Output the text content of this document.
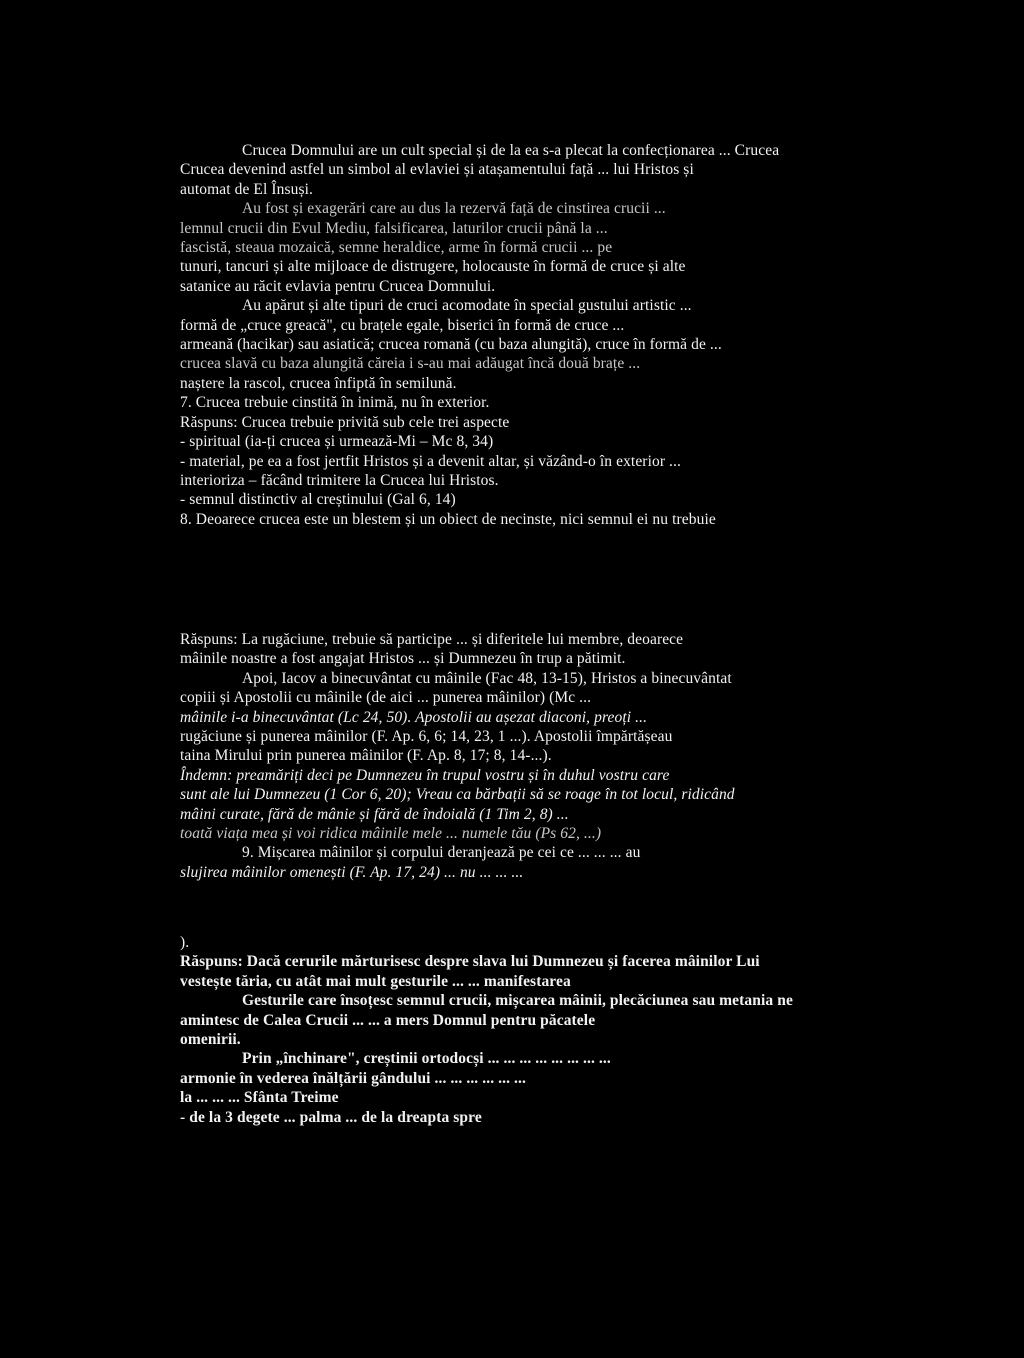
Crucea Domnului are un cult special și de la ea s-a plecat la confecționarea ... Crucea
Crucea devenind astfel un simbol al evlaviei și atașamentului față ... lui Hristos și
automat de El Însuși.
Au fost și exagerări care au dus la rezervă față de cinstirea crucii ...
lemnul crucii din Evul Mediu, falsificarea, laturilor crucii până la ...
fascistă, steaua mozaică, semne heraldice, arme în formă crucii ... pe
tunuri, tancuri și alte mijloace de distrugere, holocauste în formă de cruce și alte
satanice au răcit evlavia pentru Crucea Domnului.
Au apărut și alte tipuri de cruci acomodate în special gustului artistic ...
formă de „cruce greacă", cu brațele egale, biserici în formă de cruce ...
armeană (hacikar) sau asiatică; crucea romană (cu baza alungită), cruce în formă de ...
crucea slavă cu baza alungită căreia i s-au mai adăugat încă două brațe ...
naștere la rascol, crucea înfiptă în semilună.
7. Crucea trebuie cinstită în inimă, nu în exterior.
Răspuns: Crucea trebuie privită sub cele trei aspecte
- spiritual (ia-ți crucea și urmează-Mi – Mc 8, 34)
- material, pe ea a fost jertfit Hristos și a devenit altar, și văzând-o în exterior ...
interioriza – făcând trimitere la Crucea lui Hristos.
- semnul distinctiv al creștinului (Gal 6, 14)
8. Deoarece crucea este un blestem și un obiect de necinste, nici semnul ei nu trebuie
Răspuns: La rugăciune, trebuie să participe ... și diferitele lui membre, deoarece
mâinile noastre a fost angajat Hristos ... și Dumnezeu în trup a pătimit.
Apoi, Iacov a binecuvântat cu mâinile (Fac 48, 13-15), Hristos a binecuvântat
copiii și Apostolii cu mâinile (de aici ... punerea mâinilor) (Mc ...
mâinile i-a binecuvântat (Lc 24, 50). Apostolii au așezat diaconi, preoți ...
rugăciune și punerea mâinilor (F. Ap. 6, 6; 14, 23, 1 ...). Apostolii împărtășeau
taina Mirului prin punerea mâinilor (F. Ap. 8, 17; 8, 14-...).
Îndemn: preamăriți deci pe Dumnezeu în trupul vostru și în duhul vostru care
sunt ale lui Dumnezeu (1 Cor 6, 20); Vreau ca bărbații să se roage în tot locul, ridicând
mâini curate, fără de mânie și fără de îndoială (1 Tim 2, 8) ...
toată viața mea și voi ridica mâinile mele ... numele tău (Ps 62, ...)
9. Mișcarea mâinilor și corpului deranjează pe cei ce ... ... ... au
slujirea mâinilor omenești (F. Ap. 17, 24) ... nu ... ... ...
).
Răspuns: Dacă cerurile mărturisesc despre slava lui Dumnezeu și facerea mâinilor Lui
vestește tăria, cu atât mai mult gesturile ... ... manifestarea
Gesturile care însoțesc semnul crucii, mișcarea mâinii, plecăciunea sau metania ne
amintesc de Calea Crucii ... ... a mers Domnul pentru păcatele
omenirii.
Prin „închinare", creștinii ortodocși ... ... ... ... ... ... ... ...
armonie în vederea înălțării gândului ... ... ... ... ... ...
la ... ... ... Sfânta Treime
- de la 3 degete ... palma ... de la dreapta spre
